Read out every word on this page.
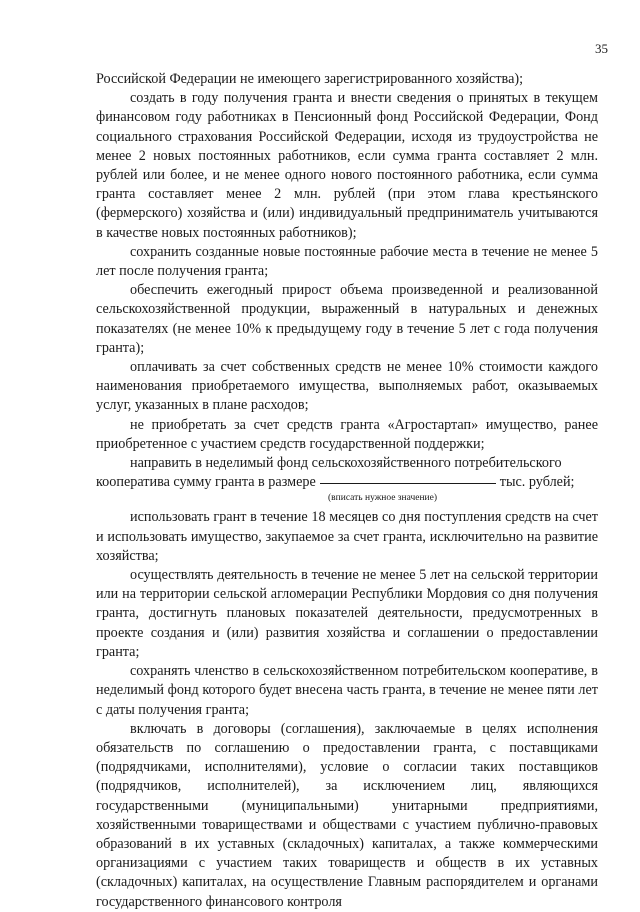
35

Российской Федерации не имеющего зарегистрированного хозяйства);

создать в году получения гранта и внести сведения о принятых в текущем финансовом году работниках в Пенсионный фонд Российской Федерации, Фонд социального страхования Российской Федерации, исходя из трудоустройства не менее 2 новых постоянных работников, если сумма гранта составляет 2 млн. рублей или более, и не менее одного нового постоянного работника, если сумма гранта составляет менее 2 млн. рублей (при этом глава крестьянского (фермерского) хозяйства и (или) индивидуальный предприниматель учитываются в качестве новых постоянных работников);

сохранить созданные новые постоянные рабочие места в течение не менее 5 лет после получения гранта;

обеспечить ежегодный прирост объема произведенной и реализованной сельскохозяйственной продукции, выраженный в натуральных и денежных показателях (не менее 10% к предыдущему году в течение 5 лет с года получения гранта);

оплачивать за счет собственных средств не менее 10% стоимости каждого наименования приобретаемого имущества, выполняемых работ, оказываемых услуг, указанных в плане расходов;

не приобретать за счет средств гранта «Агростартап» имущество, ранее приобретенное с участием средств государственной поддержки;

направить в неделимый фонд сельскохозяйственного потребительского

кооператива сумму гранта в размере	тыс. рублей;
(вписать нужное значение)

использовать грант в течение 18 месяцев со дня поступления средств на счет и использовать имущество, закупаемое за счет гранта, исключительно на развитие хозяйства;

осуществлять деятельность в течение не менее 5 лет на сельской территории или на территории сельской агломерации Республики Мордовия со дня получения гранта, достигнуть плановых показателей деятельности, предусмотренных в проекте создания и (или) развития хозяйства и соглашении о предоставлении гранта;

сохранять членство в сельскохозяйственном потребительском кооперативе, в неделимый фонд которого будет внесена часть гранта, в течение не менее пяти лет с даты получения гранта;

включать в договоры (соглашения), заключаемые в целях исполнения обязательств по соглашению о предоставлении гранта, с поставщиками (подрядчиками, исполнителями), условие о согласии таких поставщиков (подрядчиков, исполнителей), за исключением лиц, являющихся государственными (муниципальными) унитарными предприятиями, хозяйственными товариществами и обществами с участием публично-правовых образований в их уставных (складочных) капиталах, а также коммерческими организациями с участием таких товариществ и обществ в их уставных (складочных) капиталах, на осуществление Главным распорядителем и органами государственного финансового контроля
